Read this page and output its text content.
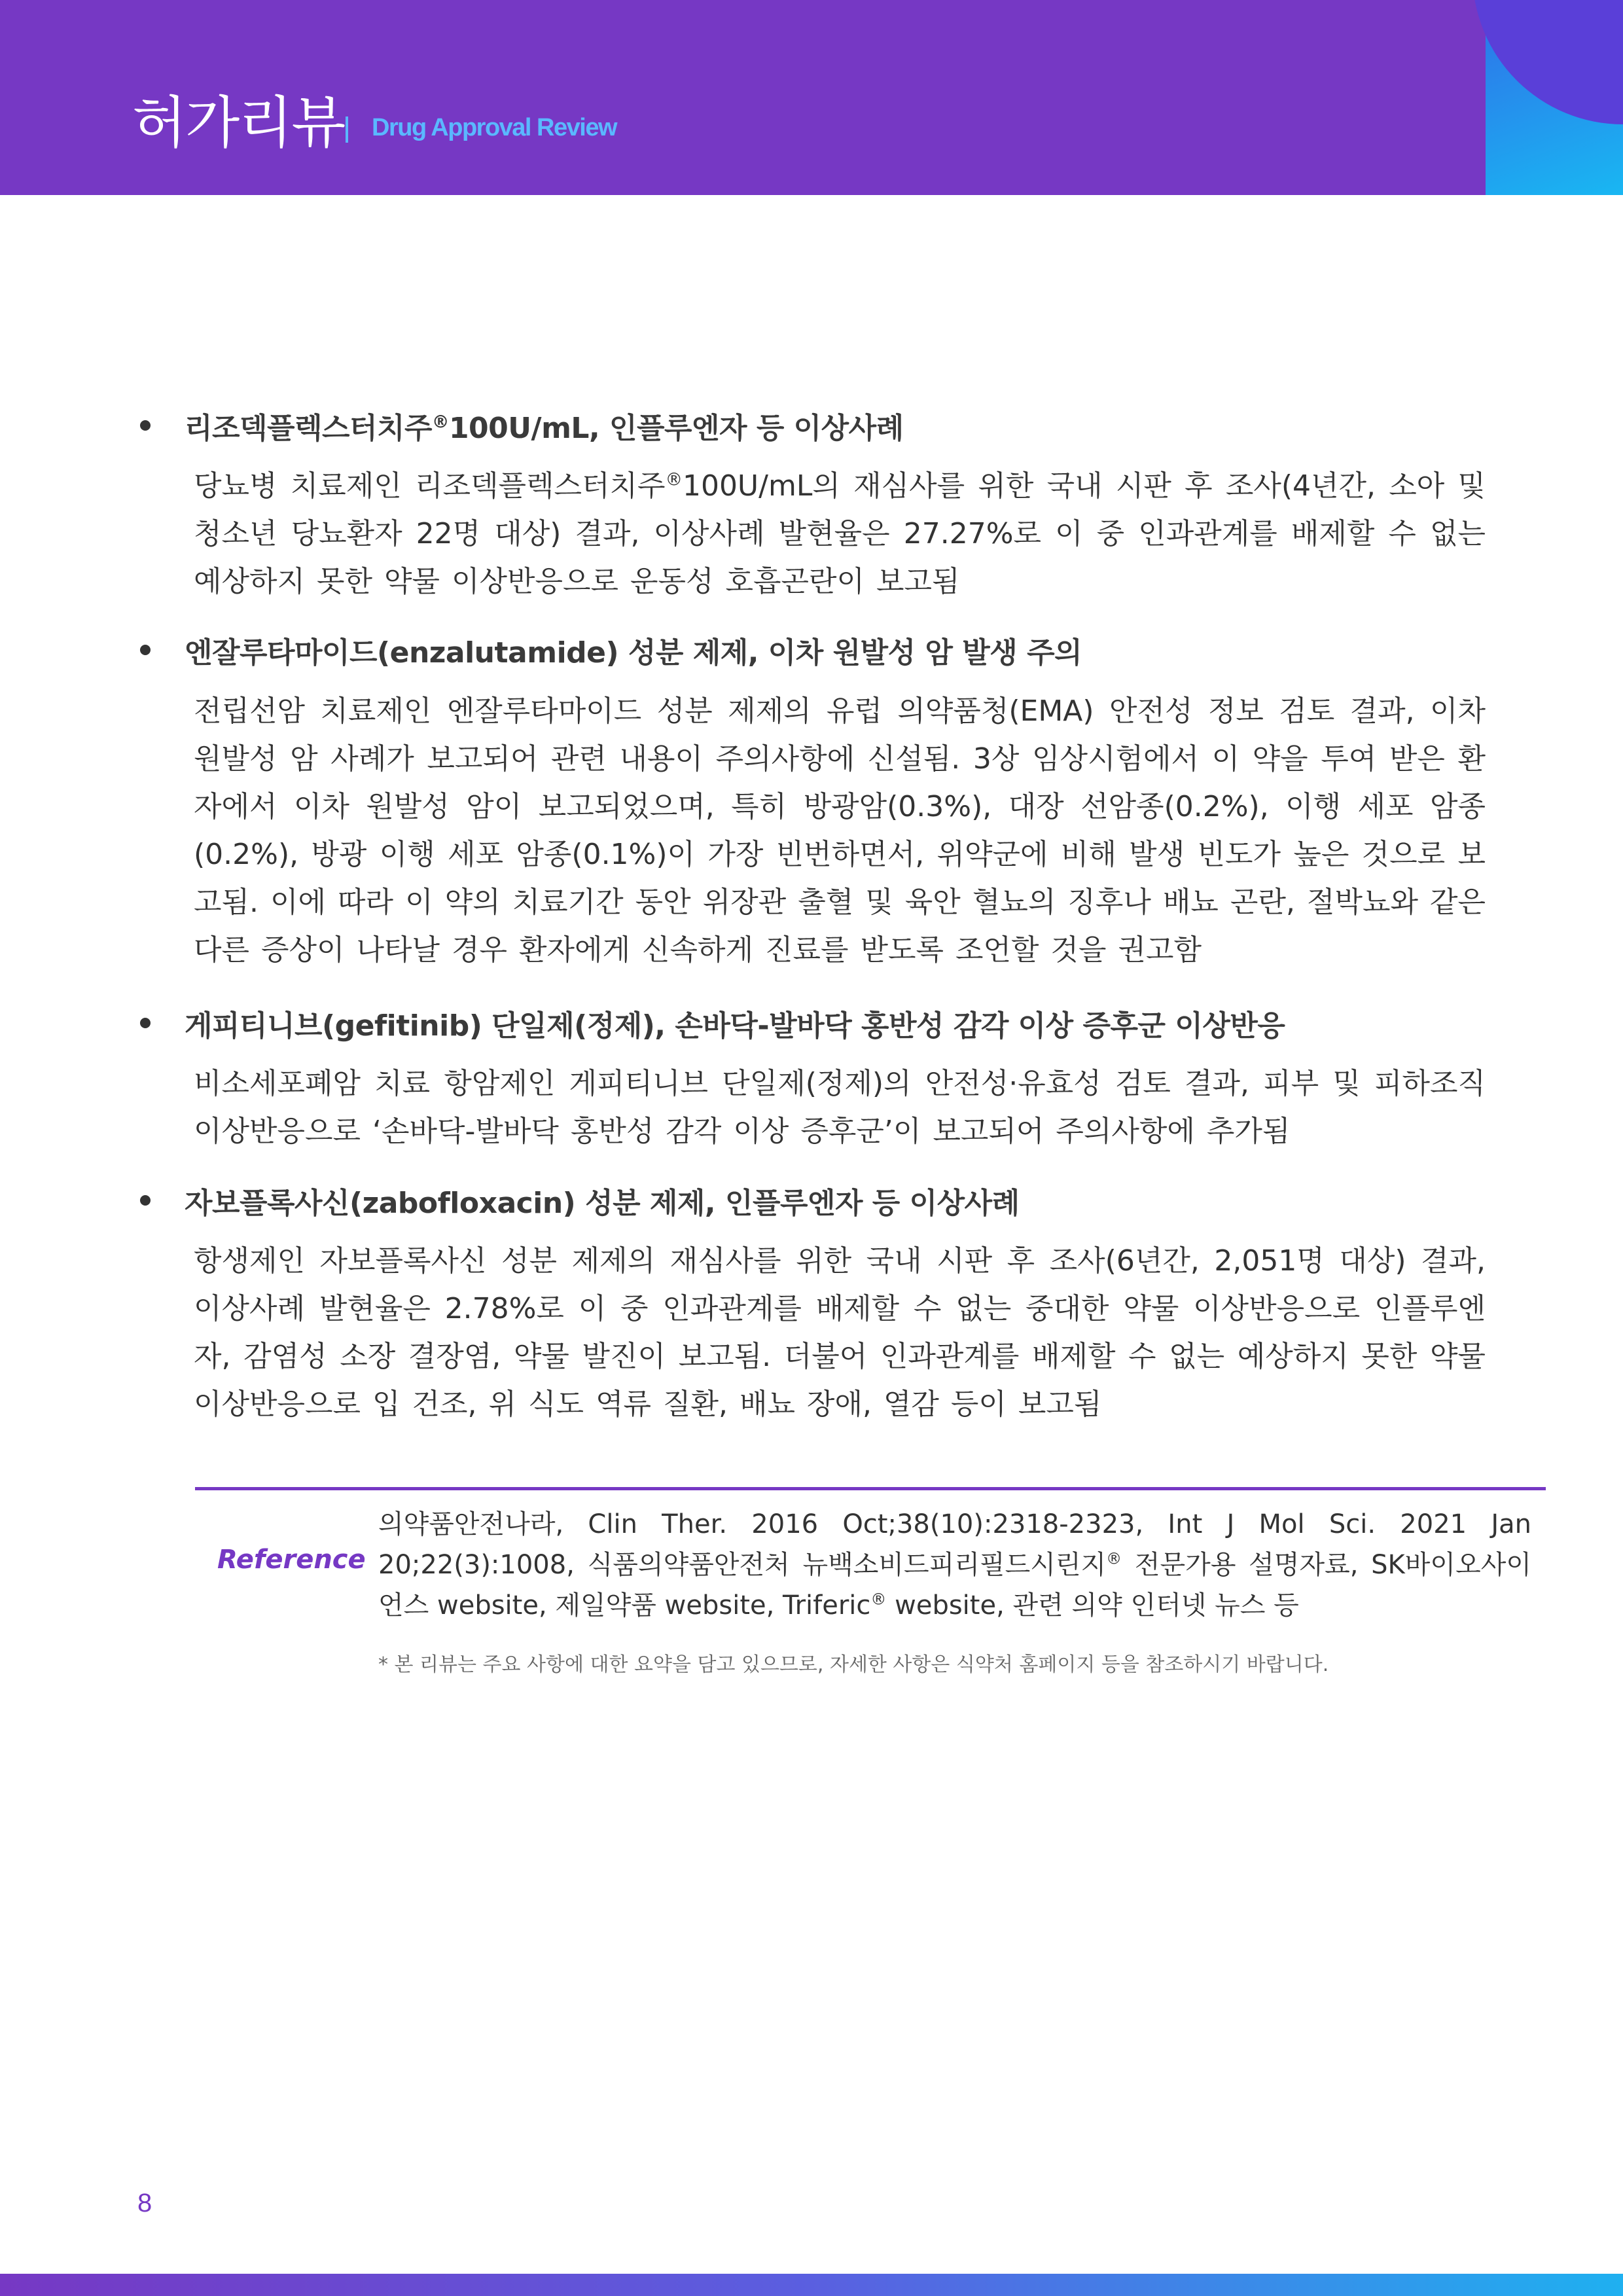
허가리뷰 Drug Approval Review
리조덱플렉스터치주®100U/mL, 인플루엔자 등 이상사례
당뇨병 치료제인 리조덱플렉스터치주®100U/mL의 재심사를 위한 국내 시판 후 조사(4년간, 소아 및 청소년 당뇨환자 22명 대상) 결과, 이상사례 발현율은 27.27%로 이 중 인과관계를 배제할 수 없는 예상하지 못한 약물 이상반응으로 운동성 호흡곤란이 보고됨
엔잘루타마이드(enzalutamide) 성분 제제, 이차 원발성 암 발생 주의
전립선암 치료제인 엔잘루타마이드 성분 제제의 유럽 의약품청(EMA) 안전성 정보 검토 결과, 이차 원발성 암 사례가 보고되어 관련 내용이 주의사항에 신설됨. 3상 임상시험에서 이 약을 투여 받은 환자에서 이차 원발성 암이 보고되었으며, 특히 방광암(0.3%), 대장 선암종(0.2%), 이행 세포 암종(0.2%), 방광 이행 세포 암종(0.1%)이 가장 빈번하면서, 위약군에 비해 발생 빈도가 높은 것으로 보고됨. 이에 따라 이 약의 치료기간 동안 위장관 출혈 및 육안 혈뇨의 징후나 배뇨 곤란, 절박뇨와 같은 다른 증상이 나타날 경우 환자에게 신속하게 진료를 받도록 조언할 것을 권고함
게피티니브(gefitinib) 단일제(정제), 손바닥-발바닥 홍반성 감각 이상 증후군 이상반응
비소세포폐암 치료 항암제인 게피티니브 단일제(정제)의 안전성·유효성 검토 결과, 피부 및 피하조직 이상반응으로 ‘손바닥-발바닥 홍반성 감각 이상 증후군’이 보고되어 주의사항에 추가됨
자보플록사신(zabofloxacin) 성분 제제, 인플루엔자 등 이상사례
항생제인 자보플록사신 성분 제제의 재심사를 위한 국내 시판 후 조사(6년간, 2,051명 대상) 결과, 이상사례 발현율은 2.78%로 이 중 인과관계를 배제할 수 없는 중대한 약물 이상반응으로 인플루엔자, 감염성 소장 결장염, 약물 발진이 보고됨. 더불어 인과관계를 배제할 수 없는 예상하지 못한 약물 이상반응으로 입 건조, 위 식도 역류 질환, 배뇨 장애, 열감 등이 보고됨
Reference
의약품안전나라, Clin Ther. 2016 Oct;38(10):2318-2323, Int J Mol Sci. 2021 Jan 20;22(3):1008, 식품의약품안전처 뉴백소비드피리필드시린지® 전문가용 설명자료, SK바이오사이언스 website, 제일약품 website, Triferic® website, 관련 의약 인터넷 뉴스 등
* 본 리뷰는 주요 사항에 대한 요약을 담고 있으므로, 자세한 사항은 식약처 홈페이지 등을 참조하시기 바랍니다.
8
